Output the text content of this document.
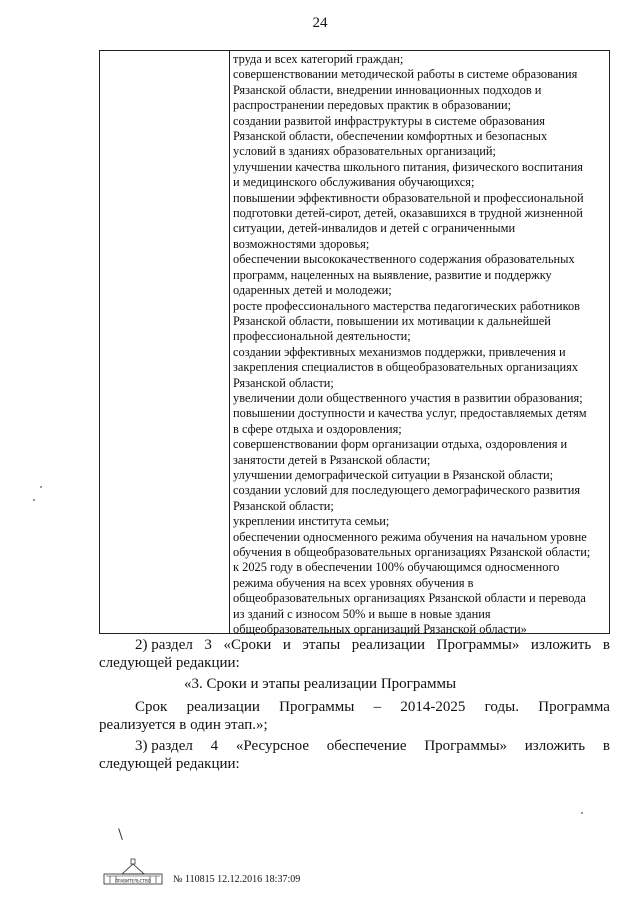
24
труда и всех категорий граждан;
совершенствовании методической работы в системе образования
Рязанской области, внедрении инновационных подходов и
распространении передовых практик в образовании;
создании развитой инфраструктуры в системе образования
Рязанской области, обеспечении комфортных и безопасных
условий в зданиях образовательных организаций;
улучшении качества школьного питания, физического воспитания
и медицинского обслуживания обучающихся;
повышении эффективности образовательной и профессиональной
подготовки детей-сирот, детей, оказавшихся в трудной жизненной
ситуации, детей-инвалидов и детей с ограниченными
возможностями здоровья;
обеспечении высококачественного содержания образовательных
программ, нацеленных на выявление, развитие и поддержку
одаренных детей и молодежи;
росте профессионального мастерства педагогических работников
Рязанской области, повышении их мотивации к дальнейшей
профессиональной деятельности;
создании эффективных механизмов поддержки, привлечения и
закрепления специалистов в общеобразовательных организациях
Рязанской области;
увеличении доли общественного участия в развитии образования;
повышении доступности и качества услуг, предоставляемых детям
в сфере отдыха и оздоровления;
совершенствовании форм организации отдыха, оздоровления и
занятости детей в Рязанской области;
улучшении демографической ситуации в Рязанской области;
создании условий для последующего демографического развития
Рязанской области;
укреплении института семьи;
обеспечении односменного режима обучения на начальном уровне
обучения в общеобразовательных организациях Рязанской области;
к 2025 году в обеспечении 100% обучающимся односменного
режима обучения на всех уровнях обучения в
общеобразовательных организациях Рязанской области и перевода
из зданий с износом 50% и выше в новые здания
общеобразовательных организаций Рязанской области»
2) раздел 3 «Сроки и этапы реализации Программы» изложить в
следующей редакции:
«3. Сроки и этапы реализации Программы
Срок реализации Программы – 2014-2025 годы. Программа
реализуется в один этап.»;
3) раздел 4 «Ресурсное обеспечение Программы» изложить в
следующей редакции:
ПРАВИТЕЛЬСТВО № 110815 12.12.2016 18:37:09
